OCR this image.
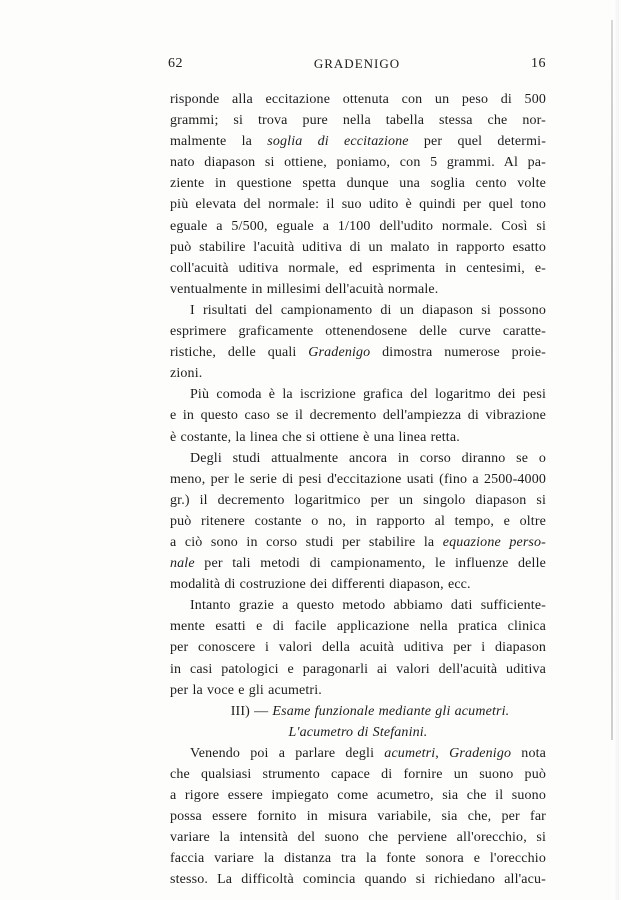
62	GRADENIGO	16
risponde alla eccitazione ottenuta con un peso di 500
grammi; si trova pure nella tabella stessa che nor-
malmente la soglia di eccitazione per quel determi-
nato diapason si ottiene, poniamo, con 5 grammi. Al pa-
ziente in questione spetta dunque una soglia cento volte
più elevata del normale: il suo udito è quindi per quel tono
eguale a 5/500, eguale a 1/100 dell'udito normale. Così si
può stabilire l'acuità uditiva di un malato in rapporto esatto
coll'acuità uditiva normale, ed esprimenta in centesimi, e-
ventualmente in millesimi dell'acuità normale.
I risultati del campionamento di un diapason si possono
esprimere graficamente ottenendosene delle curve caratte-
ristiche, delle quali Gradenigo dimostra numerose proie-
zioni.
Più comoda è la iscrizione grafica del logaritmo dei pesi
e in questo caso se il decremento dell'ampiezza di vibrazione
è costante, la linea che si ottiene è una linea retta.
Degli studi attualmente ancora in corso diranno se o
meno, per le serie di pesi d'eccitazione usati (fino a 2500-4000
gr.) il decremento logaritmico per un singolo diapason si
può ritenere costante o no, in rapporto al tempo, e oltre
a ciò sono in corso studi per stabilire la equazione perso-
nale per tali metodi di campionamento, le influenze delle
modalità di costruzione dei differenti diapason, ecc.
Intanto grazie a questo metodo abbiamo dati sufficiente-
mente esatti e di facile applicazione nella pratica clinica
per conoscere i valori della acuità uditiva per i diapason
in casi patologici e paragonarli ai valori dell'acuità uditiva
per la voce e gli acumetri.
III) — Esame funzionale mediante gli acumetri.
L'acumetro di Stefanini.
Venendo poi a parlare degli acumetri, Gradenigo nota
che qualsiasi strumento capace di fornire un suono può
a rigore essere impiegato come acumetro, sia che il suono
possa essere fornito in misura variabile, sia che, per far
variare la intensità del suono che perviene all'orecchio, si
faccia variare la distanza tra la fonte sonora e l'orecchio
stesso. La difficoltà comincia quando si richiedano all'acu-
